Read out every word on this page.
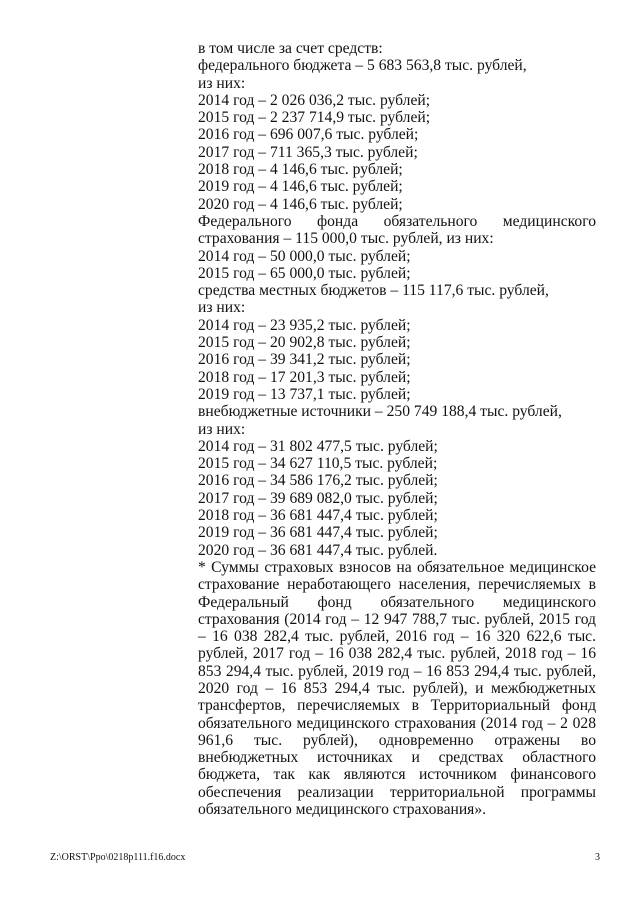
в том числе за счет средств:
федерального бюджета – 5 683 563,8 тыс. рублей,
из них:
2014 год – 2 026 036,2 тыс. рублей;
2015 год – 2 237 714,9 тыс. рублей;
2016 год – 696 007,6 тыс. рублей;
2017 год – 711 365,3 тыс. рублей;
2018 год – 4 146,6 тыс. рублей;
2019 год – 4 146,6 тыс. рублей;
2020 год – 4 146,6 тыс. рублей;
Федерального фонда обязательного медицинского
страхования – 115 000,0 тыс. рублей, из них:
2014 год – 50 000,0 тыс. рублей;
2015 год – 65 000,0 тыс. рублей;
средства местных бюджетов – 115 117,6 тыс. рублей,
из них:
2014 год – 23 935,2 тыс. рублей;
2015 год – 20 902,8 тыс. рублей;
2016 год – 39 341,2 тыс. рублей;
2018 год – 17 201,3 тыс. рублей;
2019 год – 13 737,1 тыс. рублей;
внебюджетные источники – 250 749 188,4 тыс. рублей,
из них:
2014 год – 31 802 477,5 тыс. рублей;
2015 год – 34 627 110,5 тыс. рублей;
2016 год – 34 586 176,2 тыс. рублей;
2017 год – 39 689 082,0 тыс. рублей;
2018 год – 36 681 447,4 тыс. рублей;
2019 год – 36 681 447,4 тыс. рублей;
2020 год – 36 681 447,4 тыс. рублей.
* Суммы страховых взносов на обязательное медицинское страхование неработающего населения, перечисляемых в Федеральный фонд обязательного медицинского страхования (2014 год – 12 947 788,7 тыс. рублей, 2015 год – 16 038 282,4 тыс. рублей, 2016 год – 16 320 622,6 тыс. рублей, 2017 год – 16 038 282,4 тыс. рублей, 2018 год – 16 853 294,4 тыс. рублей, 2019 год – 16 853 294,4 тыс. рублей, 2020 год – 16 853 294,4 тыс. рублей), и межбюджетных трансфертов, перечисляемых в Территориальный фонд обязательного медицинского страхования (2014 год – 2 028 961,6 тыс. рублей), одновременно отражены во внебюджетных источниках и средствах областного бюджета, так как являются источником финансового обеспечения реализации территориальной программы обязательного медицинского страхования».
Z:\ORST\Ppo\0218p111.f16.docx	3
